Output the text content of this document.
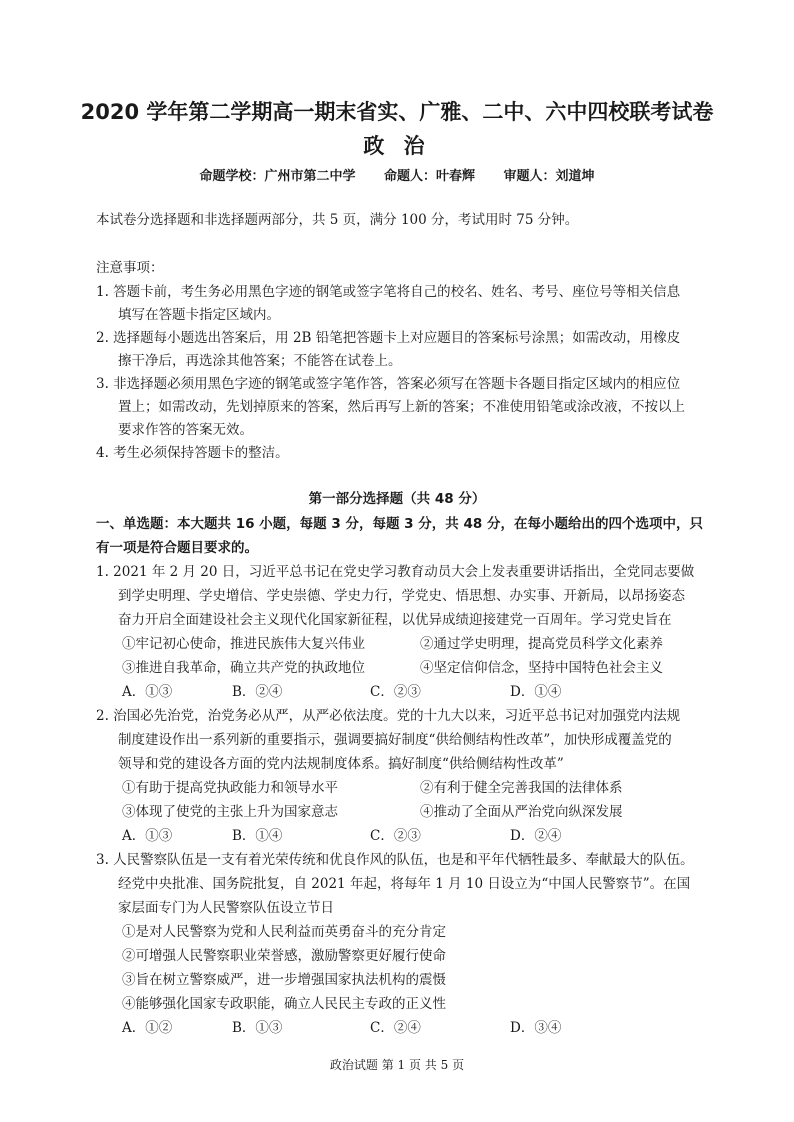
2020 学年第二学期高一期末省实、广雅、二中、六中四校联考试卷
政 治
命题学校：广州市第二中学 命题人：叶春辉 审题人：刘道坤
本试卷分选择题和非选择题两部分，共 5 页，满分 100 分，考试用时 75 分钟。
注意事项：
1. 答题卡前，考生务必用黑色字迹的钢笔或签字笔将自己的校名、姓名、考号、座位号等相关信息
填写在答题卡指定区域内。
2. 选择题每小题选出答案后，用 2B 铅笔把答题卡上对应题目的答案标号涂黑；如需改动，用橡皮
擦干净后，再选涂其他答案；不能答在试卷上。
3. 非选择题必须用黑色字迹的钢笔或签字笔作答，答案必须写在答题卡各题目指定区域内的相应位
置上；如需改动，先划掉原来的答案，然后再写上新的答案；不准使用铅笔或涂改液，不按以上
要求作答的答案无效。
4. 考生必须保持答题卡的整洁。
第一部分选择题（共 48 分）
一、单选题：本大题共 16 小题，每题 3 分，每题 3 分，共 48 分，在每小题给出的四个选项中，只
有一项是符合题目要求的。
1. 2021 年 2 月 20 日，习近平总书记在党史学习教育动员大会上发表重要讲话指出，全党同志要做
到学史明理、学史增信、学史崇德、学史力行，学党史、悟思想、办实事、开新局，以昂扬姿态
奋力开启全面建设社会主义现代化国家新征程，以优异成绩迎接建党一百周年。学习党史旨在
①牢记初心使命，推进民族伟大复兴伟业	②通过学史明理，提高党员科学文化素养
③推进自我革命，确立共产党的执政地位	④坚定信仰信念，坚持中国特色社会主义
A．①③	B．②④	C．②③	D．①④
2. 治国必先治党，治党务必从严，从严必依法度。党的十九大以来，习近平总书记对加强党内法规
制度建设作出一系列新的重要指示，强调要搞好制度“供给侧结构性改革”，加快形成覆盖党的
领导和党的建设各方面的党内法规制度体系。搞好制度“供给侧结构性改革”
①有助于提高党执政能力和领导水平	②有利于健全完善我国的法律体系
③体现了使党的主张上升为国家意志	④推动了全面从严治党向纵深发展
A．①③	B．①④	C．②③	D．②④
3. 人民警察队伍是一支有着光荣传统和优良作风的队伍，也是和平年代牺牲最多、奉献最大的队伍。
经党中央批准、国务院批复，自 2021 年起，将每年 1 月 10 日设立为“中国人民警察节”。在国
家层面专门为人民警察队伍设立节日
①是对人民警察为党和人民利益而英勇奋斗的充分肯定
②可增强人民警察职业荣誉感，激励警察更好履行使命
③旨在树立警察威严，进一步增强国家执法机构的震慑
④能够强化国家专政职能，确立人民民主专政的正义性
A．①②	B．①③	C．②④	D．③④
政治试题 第 1 页 共 5 页
